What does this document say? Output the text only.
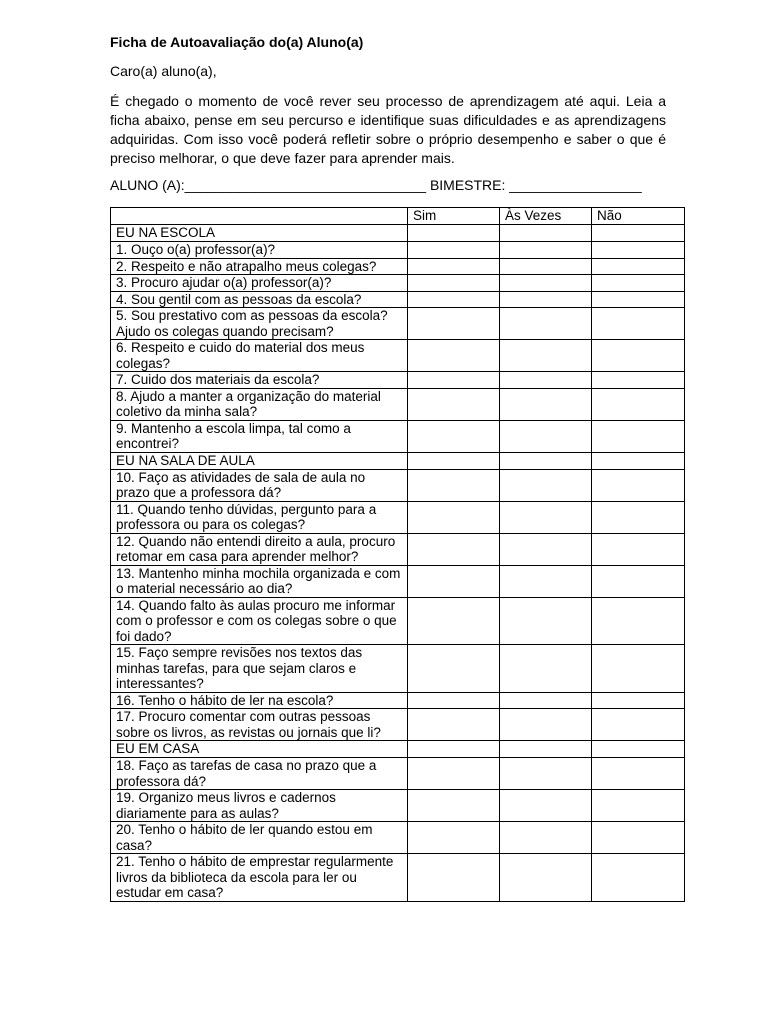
Ficha de Autoavaliação do(a) Aluno(a)
Caro(a) aluno(a),

É chegado o momento de você rever seu processo de aprendizagem até aqui. Leia a ficha abaixo, pense em seu percurso e identifique suas dificuldades e as aprendizagens adquiridas. Com isso você poderá refletir sobre o próprio desempenho e saber o que é preciso melhorar, o que deve fazer para aprender mais.

ALUNO (A):_______________________________ BIMESTRE: _________________
	Sim	Às Vezes	Não
EU NA ESCOLA			
1. Ouço o(a) professor(a)?			
2. Respeito e não atrapalho meus colegas?			
3. Procuro ajudar o(a) professor(a)?			
4. Sou gentil com as pessoas da escola?			
5. Sou prestativo com as pessoas da escola? Ajudo os colegas quando precisam?			
6. Respeito e cuido do material dos meus colegas?			
7. Cuido dos materiais da escola?			
8. Ajudo a manter a organização do material coletivo da minha sala?			
9. Mantenho a escola limpa, tal como a encontrei?			
EU NA SALA DE AULA			
10. Faço as atividades de sala de aula no prazo que a professora dá?			
11. Quando tenho dúvidas, pergunto para a professora ou para os colegas?			
12. Quando não entendi direito a aula, procuro retomar em casa para aprender melhor?			
13. Mantenho minha mochila organizada e com o material necessário ao dia?			
14. Quando falto às aulas procuro me informar com o professor e com os colegas sobre o que foi dado?			
15. Faço sempre revisões nos textos das minhas tarefas, para que sejam claros e interessantes?			
16. Tenho o hábito de ler na escola?			
17. Procuro comentar com outras pessoas sobre os livros, as revistas ou jornais que li?			
EU EM CASA			
18. Faço as tarefas de casa no prazo que a professora dá?			
19. Organizo meus livros e cadernos diariamente para as aulas?			
20. Tenho o hábito de ler quando estou em casa?			
21. Tenho o hábito de emprestar regularmente livros da biblioteca da escola para ler ou estudar em casa?			
